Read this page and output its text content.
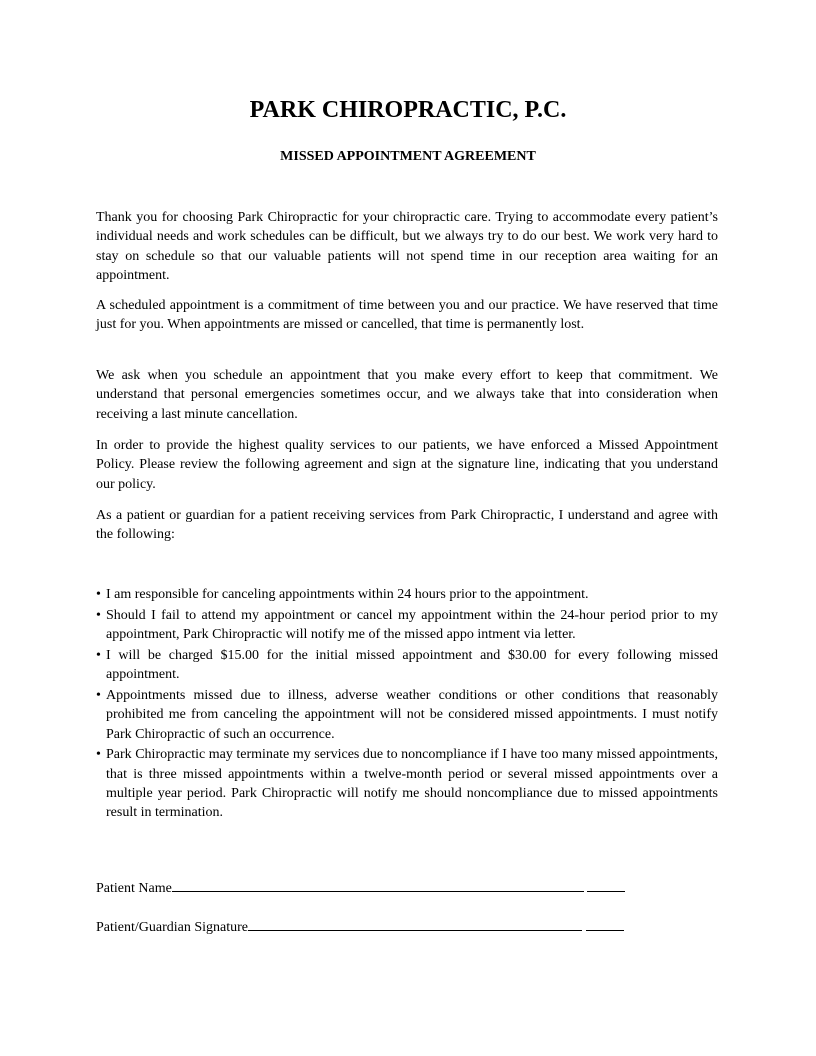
PARK CHIROPRACTIC, P.C.
MISSED APPOINTMENT AGREEMENT

Thank you for choosing Park Chiropractic for your chiropractic care. Trying to accommodate every patient’s individual needs and work schedules can be difficult, but we always try to do our best. We work very hard to stay on schedule so that our valuable patients will not spend time in our reception area waiting for an appointment.

A scheduled appointment is a commitment of time between you and our practice. We have reserved that time just for you. When appointments are missed or cancelled, that time is permanently lost.

We ask when you schedule an appointment that you make every effort to keep that commitment. We understand that personal emergencies sometimes occur, and we always take that into consideration when receiving a last minute cancellation.

In order to provide the highest quality services to our patients, we have enforced a Missed Appointment Policy. Please review the following agreement and sign at the signature line, indicating that you understand our policy.

As a patient or guardian for a patient receiving services from Park Chiropractic, I understand and agree with the following:

• I am responsible for canceling appointments within 24 hours prior to the appointment.
• Should I fail to attend my appointment or cancel my appointment within the 24-hour period prior to my appointment, Park Chiropractic will notify me of the missed appo intment via letter.
• I will be charged $15.00 for the initial missed appointment and $30.00 for every following missed appointment.
• Appointments missed due to illness, adverse weather conditions or other conditions that reasonably prohibited me from canceling the appointment will not be considered missed appointments. I must notify Park Chiropractic of such an occurrence.
• Park Chiropractic may terminate my services due to noncompliance if I have too many missed appointments, that is three missed appointments within a twelve-month period or several missed appointments over a multiple year period. Park Chiropractic will notify me should noncompliance due to missed appointments result in termination.
Patient Name
Patient/Guardian Signature
